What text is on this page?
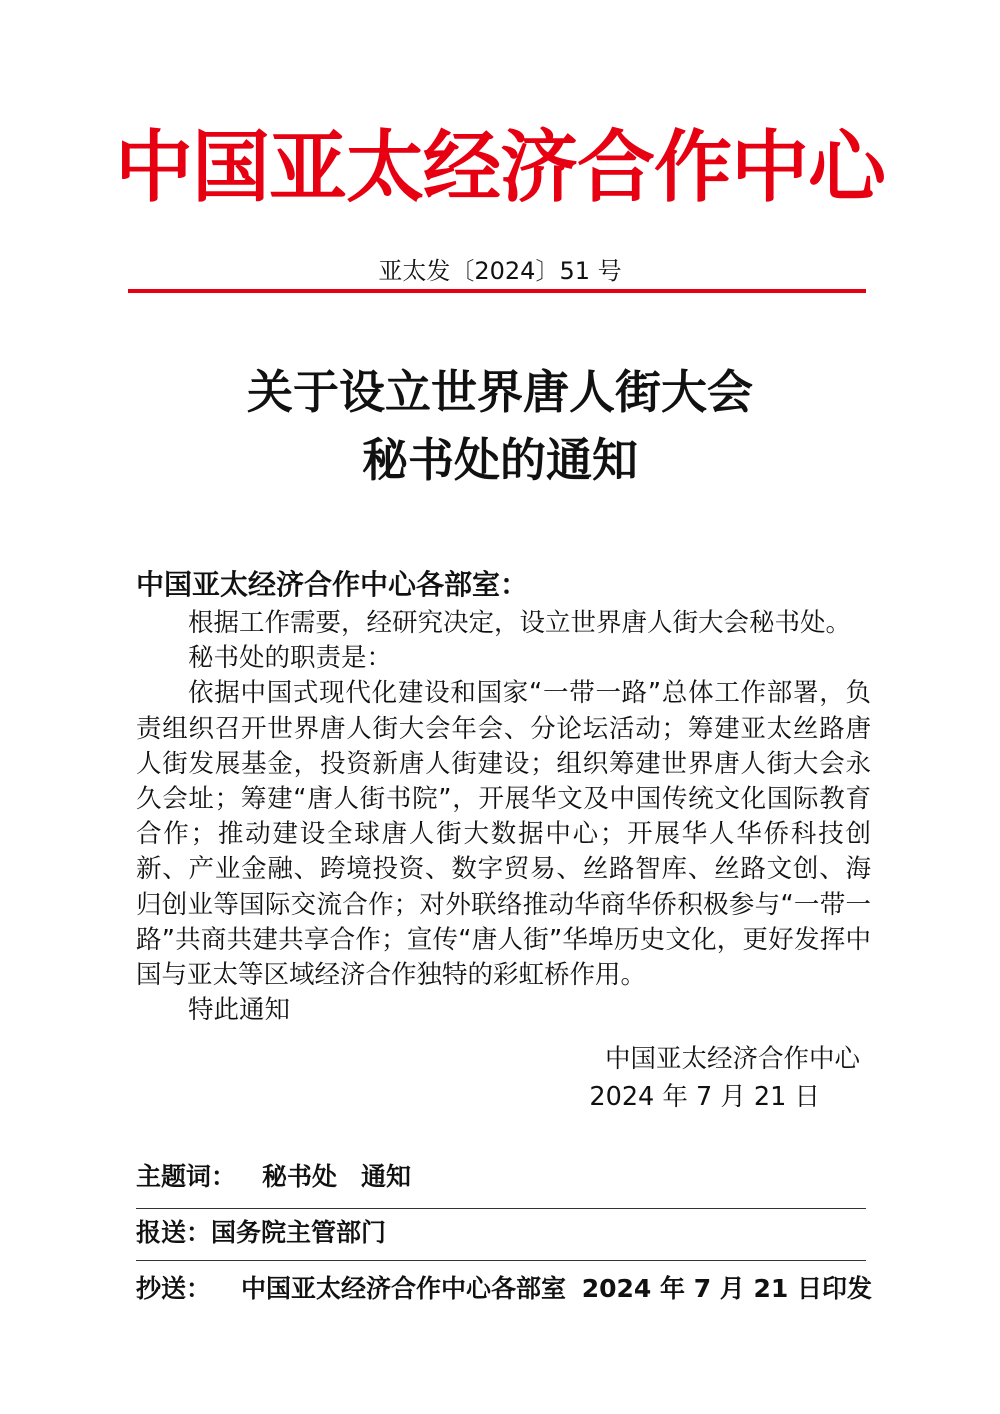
中国亚太经济合作中心
亚太发〔2024〕51 号
关于设立世界唐人街大会
秘书处的通知
中国亚太经济合作中心各部室：

根据工作需要，经研究决定，设立世界唐人街大会秘书处。

秘书处的职责是：

依据中国式现代化建设和国家“一带一路”总体工作部署，负责组织召开世界唐人街大会年会、分论坛活动；筹建亚太丝路唐人街发展基金，投资新唐人街建设；组织筹建世界唐人街大会永久会址；筹建“唐人街书院”，开展华文及中国传统文化国际教育合作；推动建设全球唐人街大数据中心；开展华人华侨科技创新、产业金融、跨境投资、数字贸易、丝路智库、丝路文创、海归创业等国际交流合作；对外联络推动华商华侨积极参与“一带一路”共商共建共享合作；宣传“唐人街”华埠历史文化，更好发挥中国与亚太等区域经济合作独特的彩虹桥作用。

特此通知

中国亚太经济合作中心
2024 年 7 月 21 日
主题词： 秘书处 通知
报送：国务院主管部门
抄送： 中国亚太经济合作中心各部室 2024 年 7 月 21 日印发
